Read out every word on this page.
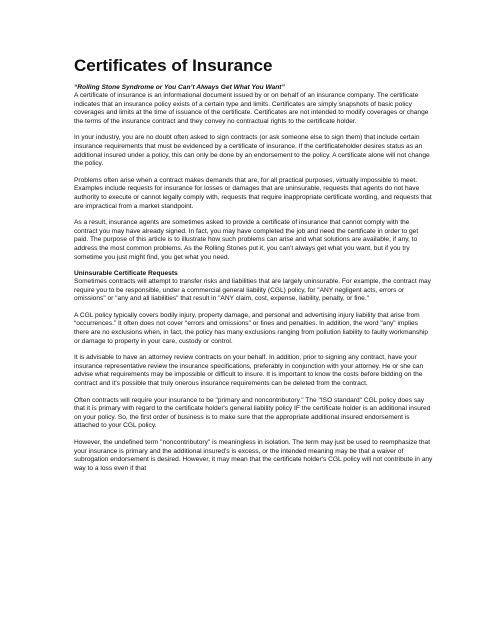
Certificates of Insurance

“Rolling Stone Syndrome or You Can’t Always Get What You Want”

A certificate of insurance is an informational document issued by or on behalf of an insurance company. The certificate indicates that an insurance policy exists of a certain type and limits. Certificates are simply snapshots of basic policy coverages and limits at the time of issuance of the certificate. Certificates are not intended to modify coverages or change the terms of the insurance contract and they convey no contractual rights to the certificate holder.

In your industry, you are no doubt often asked to sign contracts (or ask someone else to sign them) that include certain insurance requirements that must be evidenced by a certificate of insurance. If the certificateholder desires status as an additional insured under a policy, this can only be done by an endorsement to the policy. A certificate alone will not change the policy.

Problems often arise when a contract makes demands that are, for all practical purposes, virtually impossible to meet. Examples include requests for insurance for losses or damages that are uninsurable, requests that agents do not have authority to execute or cannot legally comply with, requests that require inappropriate certificate wording, and requests that are impractical from a market standpoint.

As a result, insurance agents are sometimes asked to provide a certificate of insurance that cannot comply with the contract you may have already signed. In fact, you may have completed the job and need the certificate in order to get paid. The purpose of this article is to illustrate how such problems can arise and what solutions are available, if any, to address the most common problems. As the Rolling Stones put it, you can’t always get what you want, but if you try sometime you just might find, you get what you need.

Uninsurable Certificate Requests

Sometimes contracts will attempt to transfer risks and liabilities that are largely uninsurable. For example, the contract may require you to be responsible, under a commercial general liability (CGL) policy, for "ANY negligent acts, errors or omissions" or "any and all liabilities" that result in "ANY claim, cost, expense, liability, penalty, or fine."

A CGL policy typically covers bodily injury, property damage, and personal and advertising injury liability that arise from “occurrences.” It often does not cover "errors and omissions" or fines and penalties. In addition, the word "any" implies there are no exclusions when, in fact, the policy has many exclusions ranging from pollution liability to faulty workmanship or damage to property in your care, custody or control.

It is advisable to have an attorney review contracts on your behalf. In addition, prior to signing any contract, have your insurance representative review the insurance specifications, preferably in conjunction with your attorney. He or she can advise what requirements may be impossible or difficult to insure. It is important to know the costs before bidding on the contract and it's possible that truly onerous insurance requirements can be deleted from the contract.

Often contracts will require your insurance to be "primary and noncontributory." The "ISO standard" CGL policy does say that it is primary with regard to the certificate holder's general liability policy IF the certificate holder is an additional insured on your policy. So, the first order of business is to make sure that the appropriate additional insured endorsement is attached to your CGL policy.

However, the undefined term "noncontributory" is meaningless in isolation. The term may just be used to reemphasize that your insurance is primary and the additional insured’s is excess, or the intended meaning may be that a waiver of subrogation endorsement is desired. However, it may mean that the certificate holder's CGL policy will not contribute in any way to a loss even if that
